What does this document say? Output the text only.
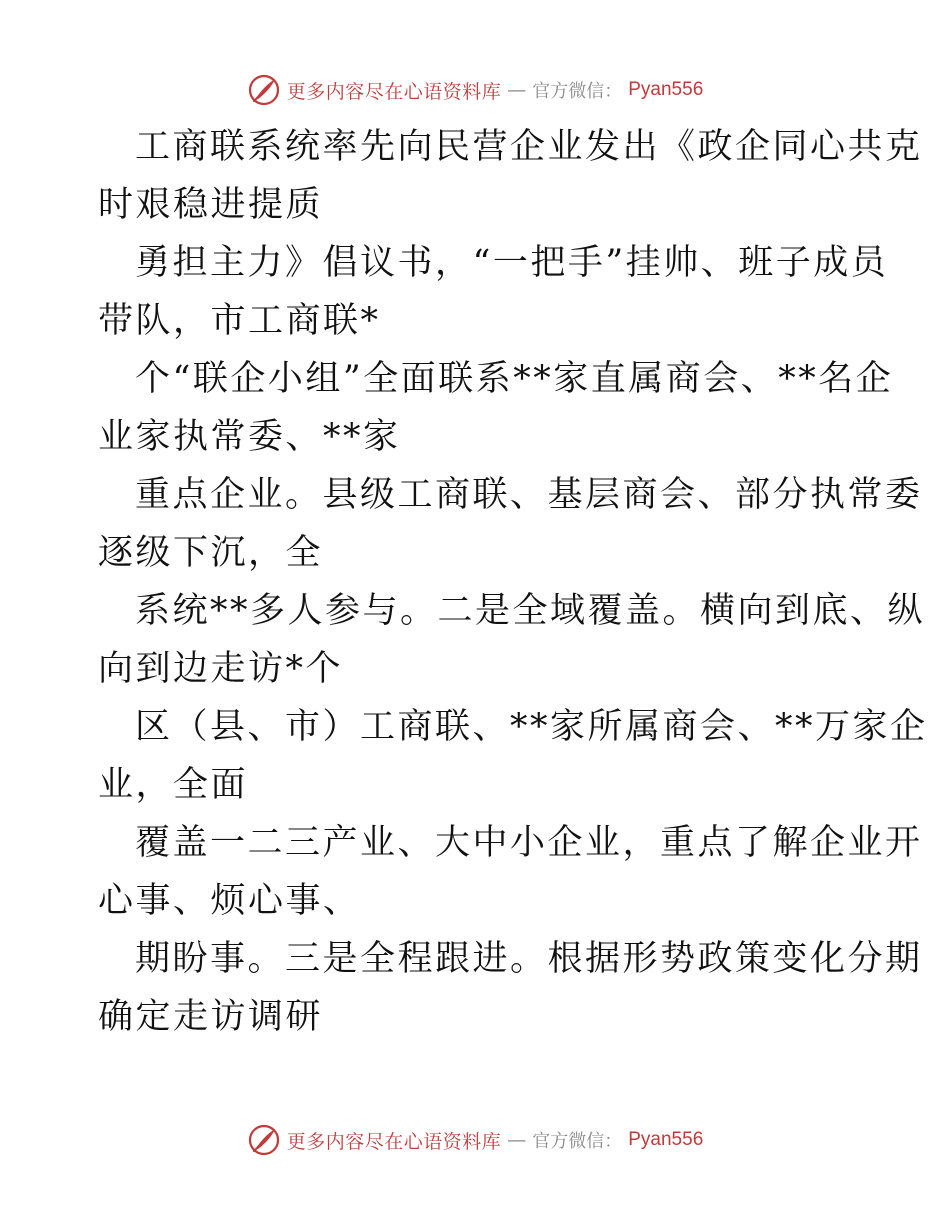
更多内容尽在心语资料库 — 官方微信： Pyan556

工商联系统率先向民营企业发出《政企同心共克

时艰稳进提质

勇担主力》倡议书，“一把手”挂帅、班子成员

带队，市工商联*

个“联企小组”全面联系**家直属商会、**名企

业家执常委、**家

重点企业。县级工商联、基层商会、部分执常委

逐级下沉，全

系统**多人参与。二是全域覆盖。横向到底、纵

向到边走访*个

区（县、市）工商联、**家所属商会、**万家企

业，全面

覆盖一二三产业、大中小企业，重点了解企业开

心事、烦心事、

期盼事。三是全程跟进。根据形势政策变化分期

确定走访调研

更多内容尽在心语资料库 — 官方微信： Pyan556
